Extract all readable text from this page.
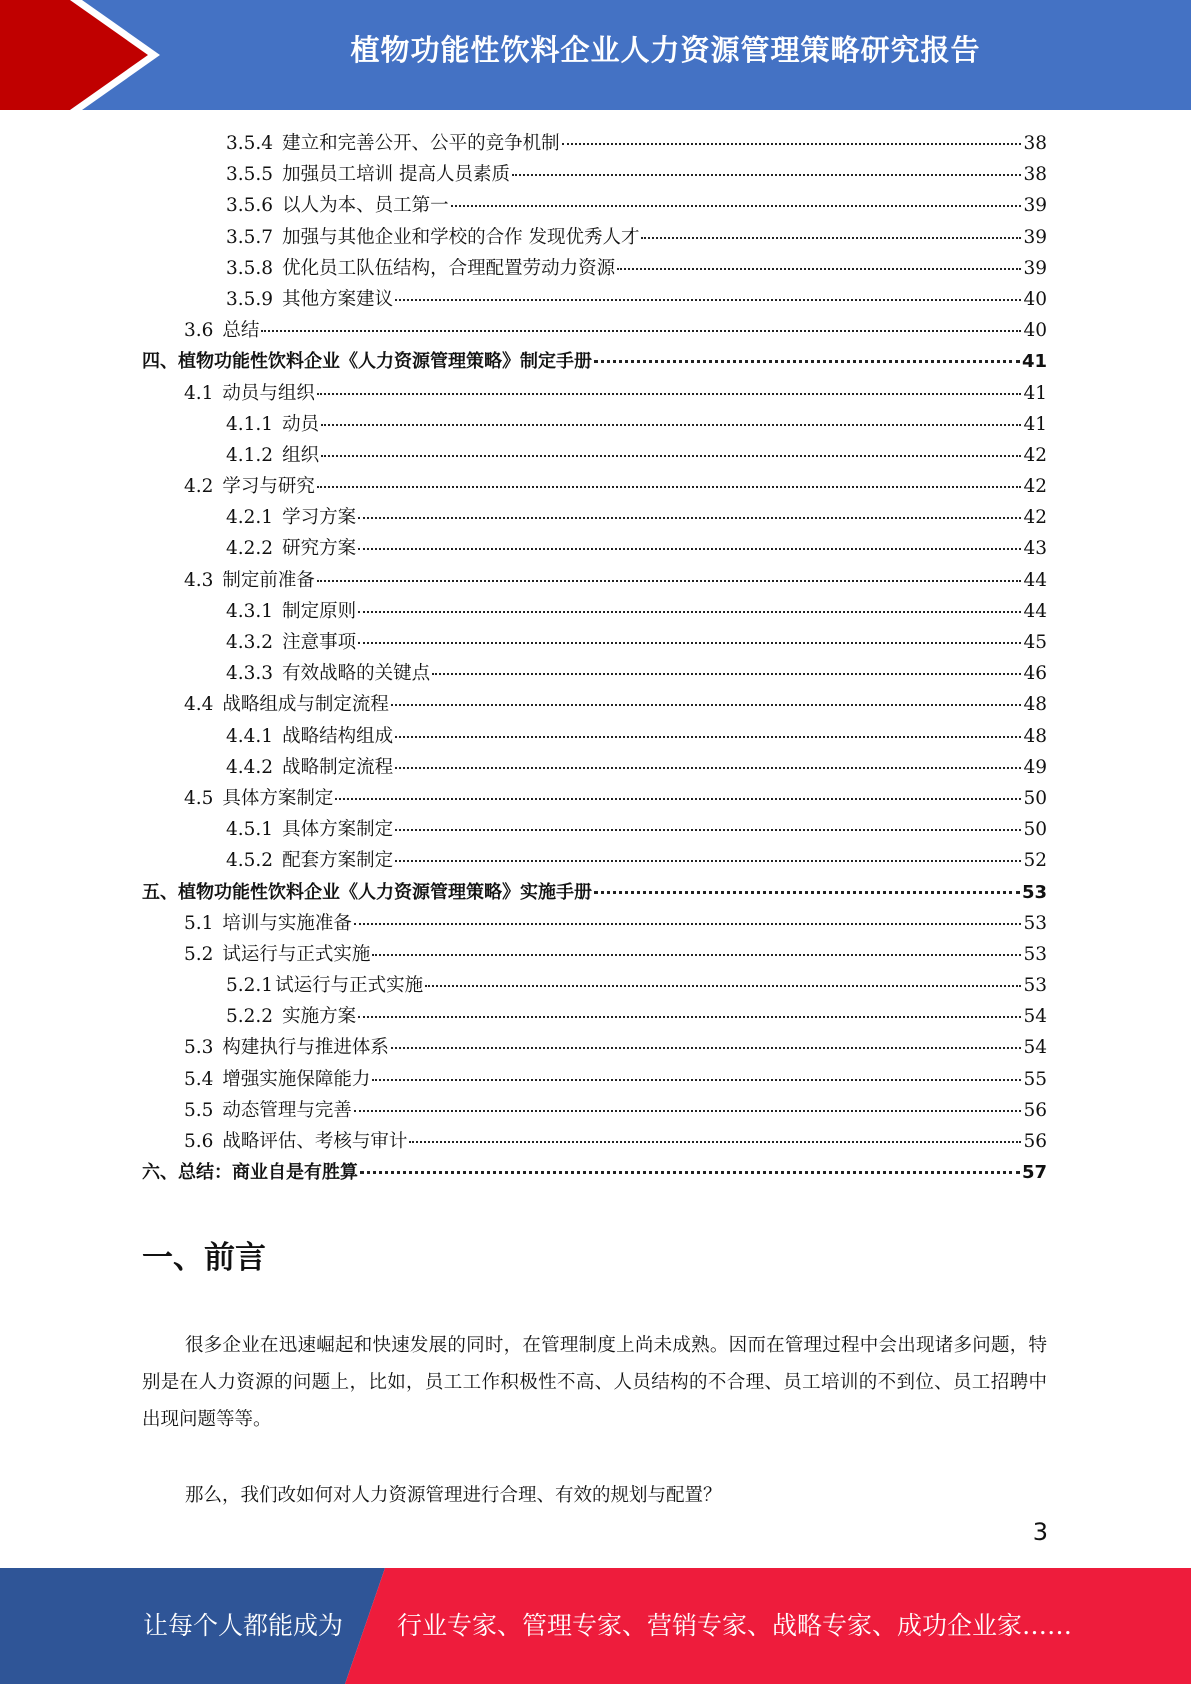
植物功能性饮料企业人力资源管理策略研究报告
3.5.4 建立和完善公开、公平的竞争机制	38
3.5.5 加强员工培训 提高人员素质	38
3.5.6 以人为本、员工第一	39
3.5.7 加强与其他企业和学校的合作 发现优秀人才	39
3.5.8 优化员工队伍结构，合理配置劳动力资源	39
3.5.9 其他方案建议	40
3.6 总结	40
四、植物功能性饮料企业《人力资源管理策略》制定手册	41
4.1 动员与组织	41
4.1.1 动员	41
4.1.2 组织	42
4.2 学习与研究	42
4.2.1 学习方案	42
4.2.2 研究方案	43
4.3 制定前准备	44
4.3.1 制定原则	44
4.3.2 注意事项	45
4.3.3 有效战略的关键点	46
4.4 战略组成与制定流程	48
4.4.1 战略结构组成	48
4.4.2 战略制定流程	49
4.5 具体方案制定	50
4.5.1 具体方案制定	50
4.5.2 配套方案制定	52
五、植物功能性饮料企业《人力资源管理策略》实施手册	53
5.1 培训与实施准备	53
5.2 试运行与正式实施	53
5.2.1 试运行与正式实施	53
5.2.2 实施方案	54
5.3 构建执行与推进体系	54
5.4 增强实施保障能力	55
5.5 动态管理与完善	56
5.6 战略评估、考核与审计	56
六、总结：商业自是有胜算	57
一、前言

很多企业在迅速崛起和快速发展的同时，在管理制度上尚未成熟。因而在管理过程中会出现诸多问题，特别是在人力资源的问题上，比如，员工工作积极性不高、人员结构的不合理、员工培训的不到位、员工招聘中出现问题等等。

那么，我们改如何对人力资源管理进行合理、有效的规划与配置？

3
让每个人都能成为 行业专家、管理专家、营销专家、战略专家、成功企业家……
